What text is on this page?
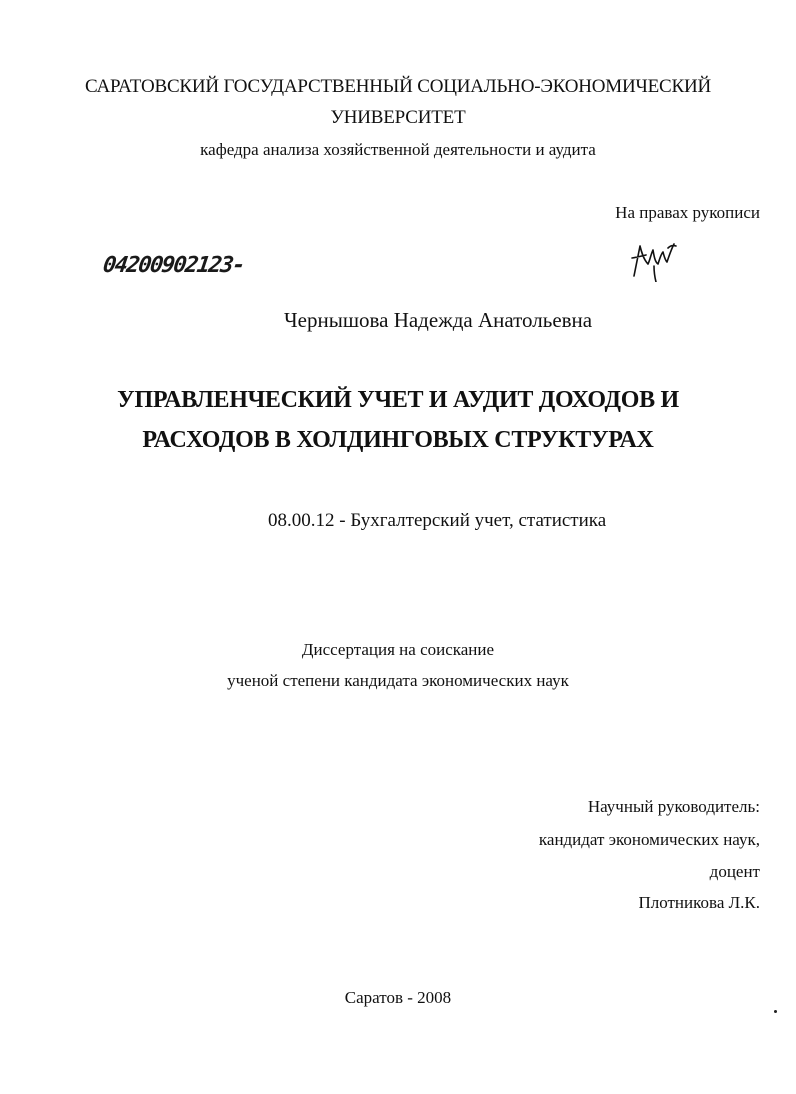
САРАТОВСКИЙ ГОСУДАРСТВЕННЫЙ СОЦИАЛЬНО-ЭКОНОМИЧЕСКИЙ
УНИВЕРСИТЕТ
кафедра анализа хозяйственной деятельности и аудита
На правах рукописи
04200902123-
Чернышова Надежда Анатольевна
УПРАВЛЕНЧЕСКИЙ УЧЕТ И АУДИТ ДОХОДОВ И
РАСХОДОВ В ХОЛДИНГОВЫХ СТРУКТУРАХ
08.00.12 - Бухгалтерский учет, статистика
Диссертация на соискание
ученой степени кандидата экономических наук
Научный руководитель:
кандидат экономических наук,
доцент
Плотникова Л.К.
Саратов - 2008
